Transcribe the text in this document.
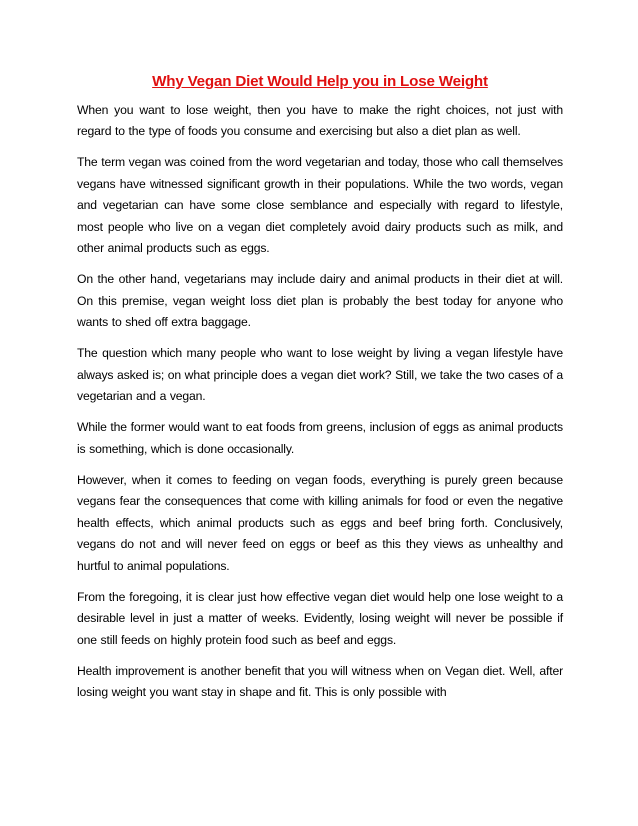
Why Vegan Diet Would Help you in Lose Weight

When you want to lose weight, then you have to make the right choices, not just with regard to the type of foods you consume and exercising but also a diet plan as well.

The term vegan was coined from the word vegetarian and today, those who call themselves vegans have witnessed significant growth in their populations. While the two words, vegan and vegetarian can have some close semblance and especially with regard to lifestyle, most people who live on a vegan diet completely avoid dairy products such as milk, and other animal products such as eggs.

On the other hand, vegetarians may include dairy and animal products in their diet at will. On this premise, vegan weight loss diet plan is probably the best today for anyone who wants to shed off extra baggage.

The question which many people who want to lose weight by living a vegan lifestyle have always asked is; on what principle does a vegan diet work? Still, we take the two cases of a vegetarian and a vegan.

While the former would want to eat foods from greens, inclusion of eggs as animal products is something, which is done occasionally.

However, when it comes to feeding on vegan foods, everything is purely green because vegans fear the consequences that come with killing animals for food or even the negative health effects, which animal products such as eggs and beef bring forth. Conclusively, vegans do not and will never feed on eggs or beef as this they views as unhealthy and hurtful to animal populations.

From the foregoing, it is clear just how effective vegan diet would help one lose weight to a desirable level in just a matter of weeks. Evidently, losing weight will never be possible if one still feeds on highly protein food such as beef and eggs.

Health improvement is another benefit that you will witness when on Vegan diet. Well, after losing weight you want stay in shape and fit. This is only possible with
